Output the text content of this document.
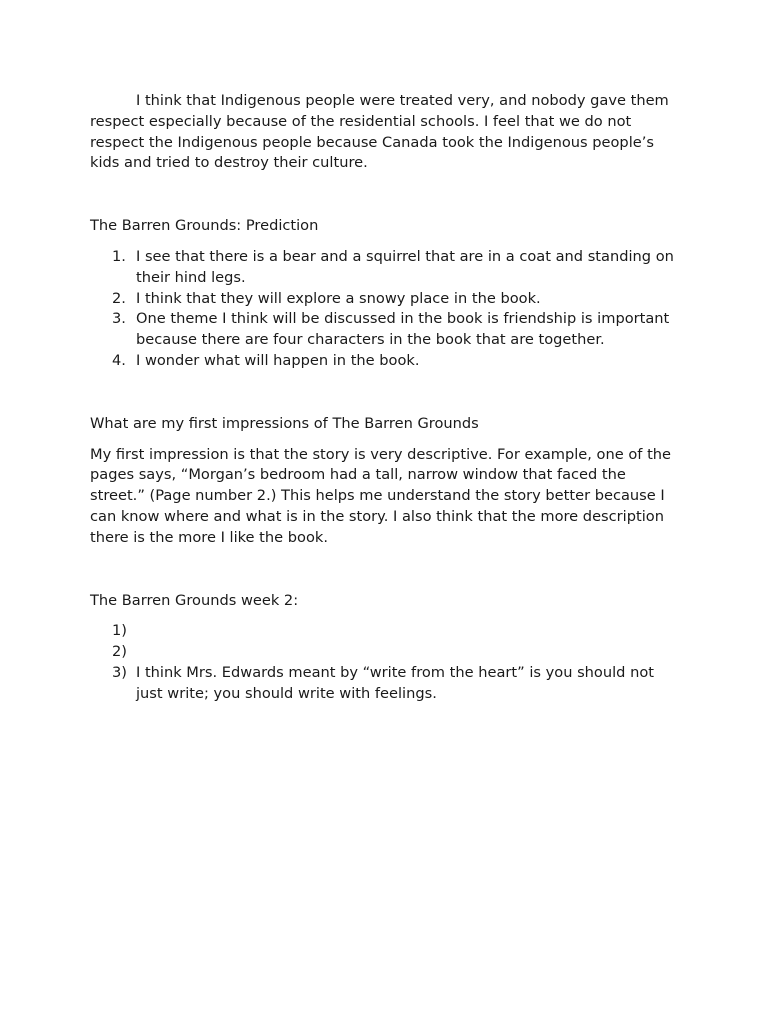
I think that Indigenous people were treated very, and nobody gave them respect especially because of the residential schools. I feel that we do not respect the Indigenous people because Canada took the Indigenous people’s kids and tried to destroy their culture.

The Barren Grounds: Prediction

1. I see that there is a bear and a squirrel that are in a coat and standing on their hind legs.
2. I think that they will explore a snowy place in the book.
3. One theme I think will be discussed in the book is friendship is important because there are four characters in the book that are together.
4. I wonder what will happen in the book.

What are my first impressions of The Barren Grounds

My first impression is that the story is very descriptive. For example, one of the pages says, “Morgan’s bedroom had a tall, narrow window that faced the street.” (Page number 2.) This helps me understand the story better because I can know where and what is in the story. I also think that the more description there is the more I like the book.

The Barren Grounds week 2:

1)
2)
3) I think Mrs. Edwards meant by “write from the heart” is you should not just write; you should write with feelings.
